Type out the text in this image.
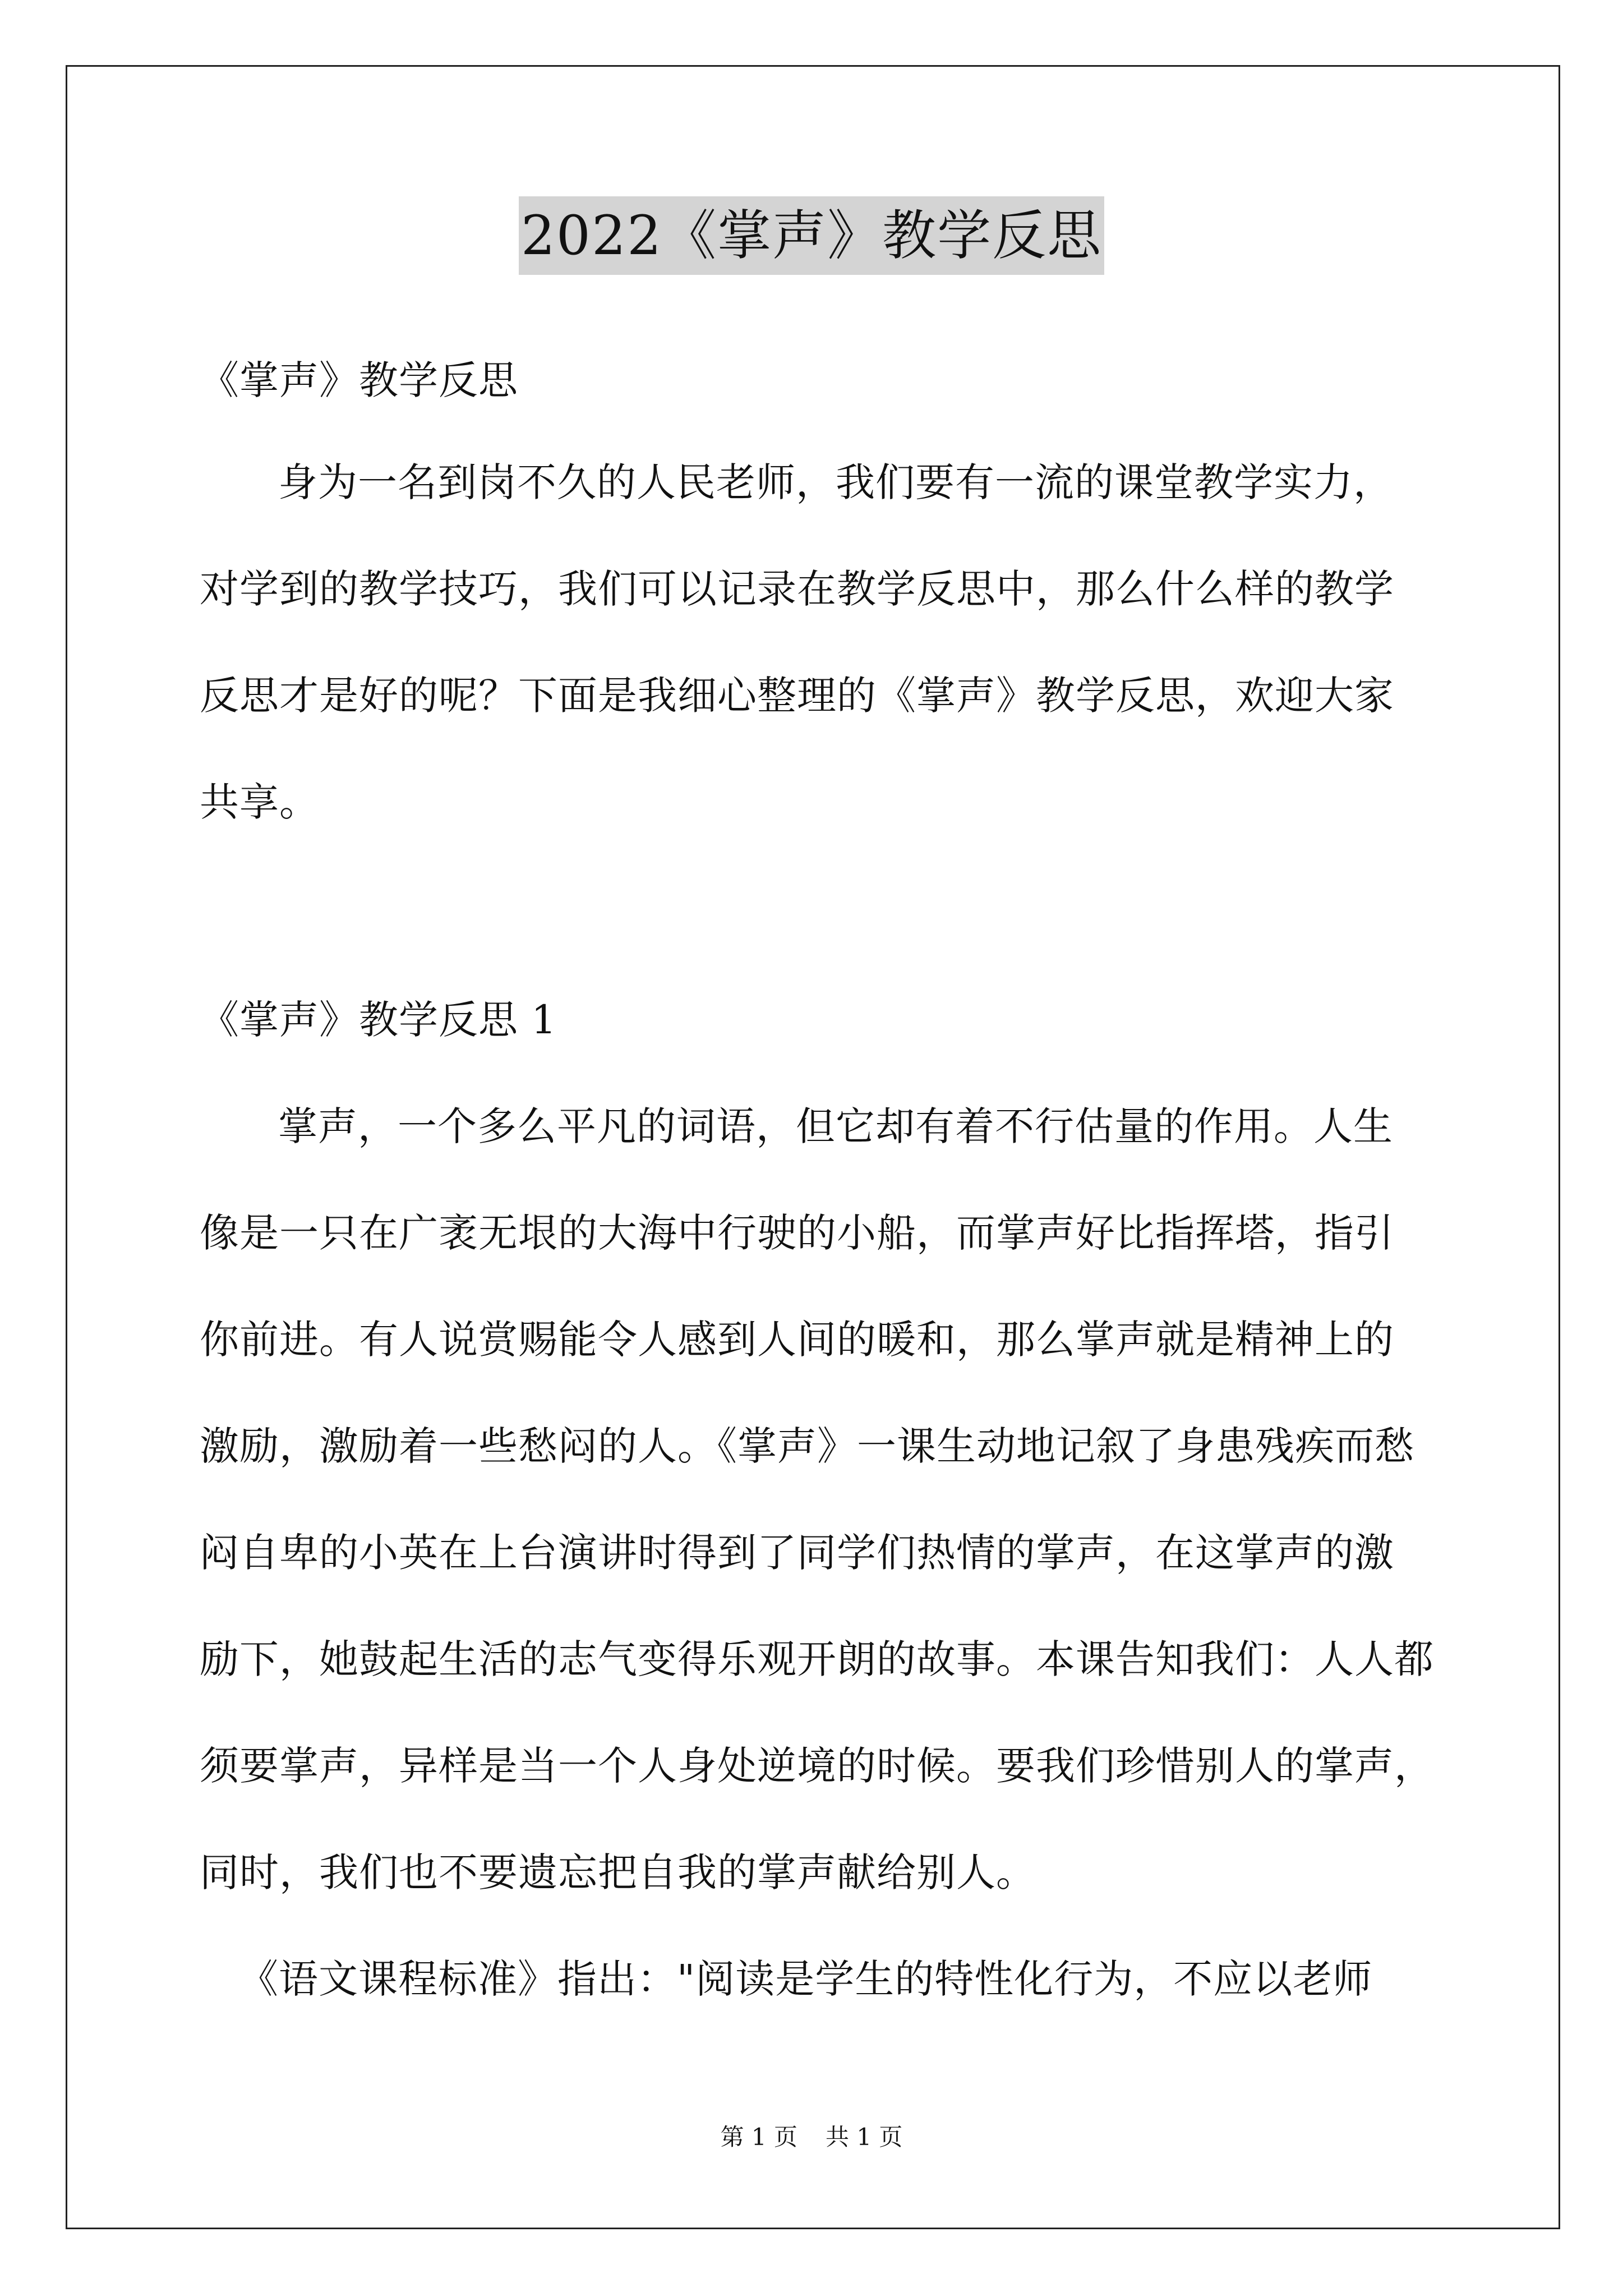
2022《掌声》教学反思
《掌声》教学反思
身为一名到岗不久的人民老师，我们要有一流的课堂教学实力，
对学到的教学技巧，我们可以记录在教学反思中，那么什么样的教学
反思才是好的呢？下面是我细心整理的《掌声》教学反思，欢迎大家
共享。
《掌声》教学反思 1
掌声，一个多么平凡的词语，但它却有着不行估量的作用。人生
像是一只在广袤无垠的大海中行驶的小船，而掌声好比指挥塔，指引
你前进。有人说赏赐能令人感到人间的暖和，那么掌声就是精神上的
激励，激励着一些愁闷的人。《掌声》一课生动地记叙了身患残疾而愁
闷自卑的小英在上台演讲时得到了同学们热情的掌声，在这掌声的激
励下，她鼓起生活的志气变得乐观开朗的故事。本课告知我们：人人都
须要掌声，异样是当一个人身处逆境的时候。要我们珍惜别人的掌声，
同时，我们也不要遗忘把自我的掌声献给别人。
《语文课程标准》指出："阅读是学生的特性化行为，不应以老师
第 1 页 共 1 页
